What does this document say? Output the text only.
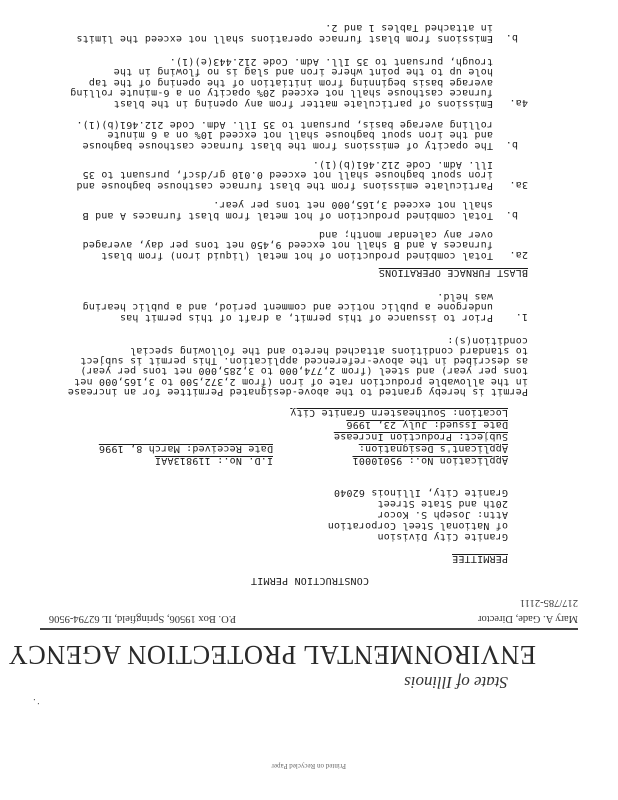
State of Illinois
ENVIRONMENTAL PROTECTION AGENCY
Mary A. Gade, Director
P.O. Box 19506, Springfield, IL 62794-9506
217/785-2111
CONSTRUCTION PERMIT
PERMITTEE
Granite City Division
of National Steel Corporation
Attn: Joseph S. Kocor
20th and State Street
Granite City, Illinois 62040
Application No.: 95010001
I.D. No.: 119813AAI
Applicant's Designation:
Date Received: March 8, 1996
Subject: Production Increase
Date Issued: July 23, 1996
Location: Southeastern Granite City
Permit is hereby granted to the above-designated Permittee for an increase
in the allowable production rate of iron (from 2,372,500 to 3,165,000 net
tons per year) and steel (from 2,774,000 to 3,285,000 net tons per year)
as described in the above-referenced application. This permit is subject
to standard conditions attached hereto and the following special
condition(s):
1.
Prior to issuance of this permit, a draft of this permit has
undergone a public notice and comment period, and a public hearing
was held.
BLAST FURNACE OPERATIONS
2a.
Total combined production of hot metal (liquid iron) from blast
furnaces A and B shall not exceed 9,450 net tons per day, averaged
over any calendar month; and
b.
Total combined production of hot metal from blast furnaces A and B
shall not exceed 3,165,000 net tons per year.
3a.
Particulate emissions from the blast furnace casthouse baghouse and
iron spout baghouse shall not exceed 0.010 gr/dscf, pursuant to 35
Ill. Adm. Code 212.461(b)(1).
b.
The opacity of emissions from the blast furnace casthouse baghouse
and the iron spout baghouse shall not exceed 10% on a 6 minute
rolling average basis, pursuant to 35 Ill. Adm. Code 212.461(b)(1).
4a.
Emissions of particulate matter from any opening in the blast
furnace casthouse shall not exceed 20% opacity on a 6-minute rolling
average basis beginning from initiation of the opening of the tap
hole up to the point where iron and slag is no flowing in the
trough, pursuant to 35 Ill. Adm. Code 212.443(e)(1).
b.
Emissions from blast furnace operations shall not exceed the limits
in attached Tables 1 and 2.
Printed on Recycled Paper
·
·
